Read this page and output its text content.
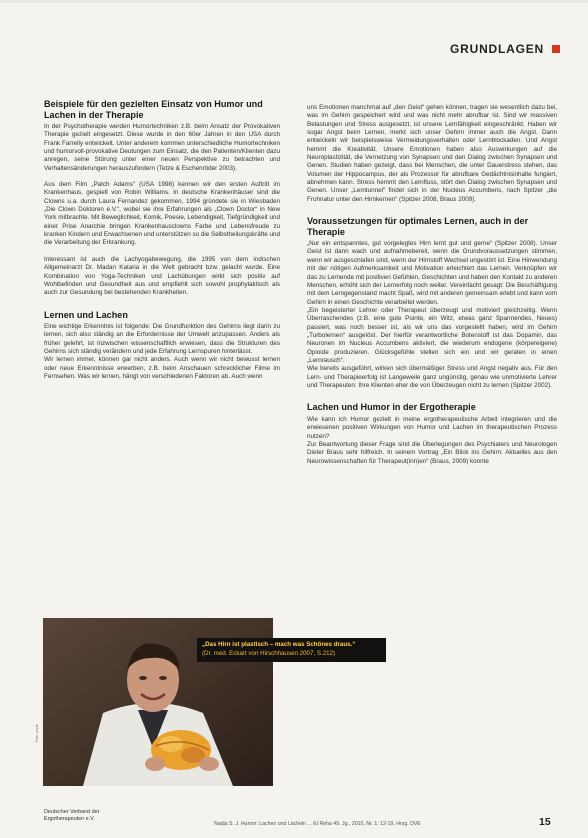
GRUNDLAGEN
Beispiele für den gezielten Einsatz von Humor und Lachen in der Therapie

In der Psychotherapie werden Humortechniken z.B. beim Ansatz der Provokativen Therapie gezielt eingesetzt. Diese wurde in den 60er Jahren in den USA durch Frank Farrelly entwickelt. Unter anderem kommen unterschiedliche Humortechniken und humorvoll-provokative Deutungen zum Einsatz, die den Patienten/Klienten dazu anregen, seine Störung unter einer neuen Perspektive zu betrachten und Verhaltensänderungen herauszufordern (Tetze & Eschenröder 2003).

Aus dem Film „Patch Adams“ (USA 1998) kennen wir den ersten Auftritt im Krankenhaus, gespielt von Robin Williams. In deutsche Krankenhäuser sind die Clowns u.a. durch Laura Fernandez gekommen, 1994 gründete sie in Wiesbaden „Die Clown Doktoren e.V.“, wobei sie ihre Erfahrungen als „Clown Doctor“ in New York mitbrachte. Mit Beweglichkeit, Komik, Poesie, Lebendigkeit, Tiefgründigkeit und einer Prise Anarchie bringen Krankenhausclowns Farbe und Lebensfreude zu kranken Kindern und Erwachsenen und unterstützen so die Selbstheilungskräfte und die Verarbeitung der Erkrankung.

Interessant ist auch die Lachyogabewegung, die 1995 von dem indischen Allgemeinarzt Dr. Madan Kataria in die Welt gebracht bzw. gelacht wurde. Eine Kombination von Yoga-Techniken und Lachübungen wirkt sich positiv auf Wohlbefinden und Gesundheit aus und empfiehlt sich sowohl prophylaktisch als auch zur Gesundung bei bestehenden Krankheiten.

Lernen und Lachen

Eine wichtige Erkenntnis ist folgende: Die Grundfunktion des Gehirns liegt darin zu lernen, sich also ständig an die Erfordernisse der Umwelt anzupassen. Anders als früher gelehrt, ist inzwischen wissenschaftlich erwiesen, dass die Strukturen des Gehirns sich ständig verändern und jede Erfahrung Lernspuren hinterlässt.

Wir lernen immer, können gar nicht anders. Auch wenn wir nicht bewusst lernen oder neue Erkenntnisse erwerben, z.B. beim Anschauen schrecklicher Filme im Fernsehen. Was wir lernen, hängt von verschiedenen Faktoren ab. Auch wenn

uns Emotionen manchmal auf „den Geist“ gehen können, tragen sie wesentlich dazu bei, was im Gehirn gespeichert wird und was nicht mehr abrufbar ist. Sind wir massiven Belastungen und Stress ausgesetzt, ist unsere Lernfähigkeit eingeschränkt. Haben wir sogar Angst beim Lernen, merkt sich unser Gehirn immer auch die Angst. Dann entwickeln wir beispielsweise Vermeidungsverhalten oder Lernblockaden. Und Angst hemmt die Kreativität. Unsere Emotionen haben also Auswirkungen auf die Neuroplastizität, die Vernetzung von Synapsen und den Dialog zwischen Synapsen und Genen. Studien haben gezeigt, dass bei Menschen, die unter Dauerstress stehen, das Volumen der Hippocampus, der als Prozessor für abrufbare Gedächtnisinhalte fungiert, abnehmen kann. Stress hemmt den Lernfluss, stört den Dialog zwischen Synapsen und Genen. Unser „Lerntunnel“ findet sich in der Nucleus Accumbens, nach Spitzer „die Frohnatur unter den Hirnkernen“ (Spitzer 2008, Braus 2009).

Voraussetzungen für optimales Lernen, auch in der Therapie

„Nur ein entspanntes, gut vorgelegtes Hirn lernt gut und gerne“ (Spitzer 2008). Unser Geist ist dann wach und aufnahmebereit, wenn die Grundvoraussetzungen stimmen, wenn wir ausgeschlafen sind, wenn der Hirnstoff Wechsel ungestört ist. Eine Hinwendung mit der nötigen Aufmerksamkeit und Motivation erleichtert das Lernen. Verknüpfen wir das zu Lernende mit positiven Gefühlen, Geschichten und haben den Kontakt zu anderen Menschen, erhöht sich der Lernerfolg noch weiter. Vereinfacht gesagt: Die Beschäftigung mit dem Lerngegenstand macht Spaß, wird mit anderen gemeinsam erlebt und kann vom Gehirn in einen Geschichte verarbeitet werden.

„Ein begeisterter Lehrer oder Therapeut überzeugt und motiviert gleichzeitig. Wenn Überraschendes (z.B. eine gute Pointe, ein Witz, etwas ganz Spannendes, Neues) passiert, was noch besser ist, als wir uns das vorgestellt haben, wird im Gehirn „Turbolernen“ ausgelöst. Der hierfür verantwortliche Botenstoff ist das Dopamin, das Neuronen im Nucleus Accumbens aktiviert, die wiederum endogene (körpereigene) Opioide produzieren. Glücksgefühle stellen sich ein und wir geraten in einen „Lernrausch“.

Wie bereits ausgeführt, wirken sich übermäßiger Stress und Angst negativ aus. Für den Lern- und Therapieerfolg ist Langeweile ganz ungünstig, genau wie unmotivierte Lehrer und Therapeuten: Ihre Klienten eher die von Überzeugen nicht zu lernen (Spitzer 2002).

Lachen und Humor in der Ergotherapie

Wie kann ich Humor gezielt in meine ergotherapeutische Arbeit integrieren und die erwiesenen positiven Wirkungen von Humor und Lachen im therapeutischen Prozess nutzen?

Zur Beantwortung dieser Frage sind die Überlegungen des Psychiaters und Neurologen Dieter Braus sehr hilfreich. In seinem Vortrag „Ein Blick ins Gehirn: Aktuelles aus den Neurowissenschaften für Therapeut(inn)en“ (Braus, 2009) konnte

„Das Hirn ist plastisch – mach was Schönes draus.“
(Dr. med. Eckart von Hirschhausen 2007, S.212)
Foto: privat
Deutscher Verband der
Ergotherapeuten e.V.
Nadja S. J. Humor: Lachen und Lächeln ... Et Reha 49. Jg., 2010, Nr. 1: 12-19, Hrsg. DVE	15
